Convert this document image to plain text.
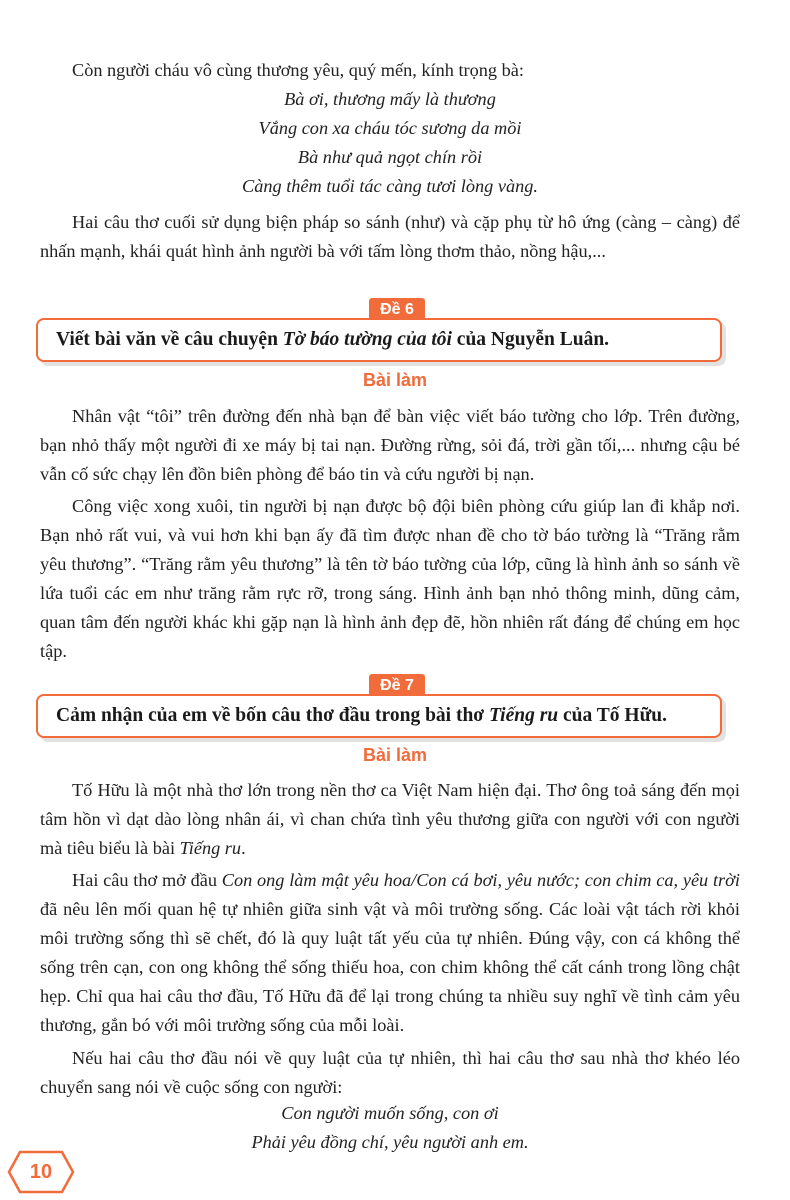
Còn người cháu vô cùng thương yêu, quý mến, kính trọng bà:

Bà ơi, thương mấy là thương

Vắng con xa cháu tóc sương da mồi

Bà như quả ngọt chín rồi

Càng thêm tuổi tác càng tươi lòng vàng.

Hai câu thơ cuối sử dụng biện pháp so sánh (như) và cặp phụ từ hô ứng (càng – càng) để nhấn mạnh, khái quát hình ảnh người bà với tấm lòng thơm thảo, nồng hậu,...

Đề 6
Viết bài văn về câu chuyện Tờ báo tường của tôi của Nguyễn Luân.
Bài làm

Nhân vật “tôi” trên đường đến nhà bạn để bàn việc viết báo tường cho lớp. Trên đường, bạn nhỏ thấy một người đi xe máy bị tai nạn. Đường rừng, sỏi đá, trời gần tối,... nhưng cậu bé vẫn cố sức chạy lên đồn biên phòng để báo tin và cứu người bị nạn.

Công việc xong xuôi, tin người bị nạn được bộ đội biên phòng cứu giúp lan đi khắp nơi. Bạn nhỏ rất vui, và vui hơn khi bạn ấy đã tìm được nhan đề cho tờ báo tường là “Trăng rằm yêu thương”. “Trăng rằm yêu thương” là tên tờ báo tường của lớp, cũng là hình ảnh so sánh về lứa tuổi các em như trăng rằm rực rỡ, trong sáng. Hình ảnh bạn nhỏ thông minh, dũng cảm, quan tâm đến người khác khi gặp nạn là hình ảnh đẹp đẽ, hồn nhiên rất đáng để chúng em học tập.

Đề 7
Cảm nhận của em về bốn câu thơ đầu trong bài thơ Tiếng ru của Tố Hữu.
Bài làm

Tố Hữu là một nhà thơ lớn trong nền thơ ca Việt Nam hiện đại. Thơ ông toả sáng đến mọi tâm hồn vì dạt dào lòng nhân ái, vì chan chứa tình yêu thương giữa con người với con người mà tiêu biểu là bài Tiếng ru.

Hai câu thơ mở đầu Con ong làm mật yêu hoa/Con cá bơi, yêu nước; con chim ca, yêu trời đã nêu lên mối quan hệ tự nhiên giữa sinh vật và môi trường sống. Các loài vật tách rời khỏi môi trường sống thì sẽ chết, đó là quy luật tất yếu của tự nhiên. Đúng vậy, con cá không thể sống trên cạn, con ong không thể sống thiếu hoa, con chim không thể cất cánh trong lồng chật hẹp. Chỉ qua hai câu thơ đầu, Tố Hữu đã để lại trong chúng ta nhiều suy nghĩ về tình cảm yêu thương, gắn bó với môi trường sống của mỗi loài.

Nếu hai câu thơ đầu nói về quy luật của tự nhiên, thì hai câu thơ sau nhà thơ khéo léo chuyển sang nói về cuộc sống con người:

Con người muốn sống, con ơi

Phải yêu đồng chí, yêu người anh em.

10
